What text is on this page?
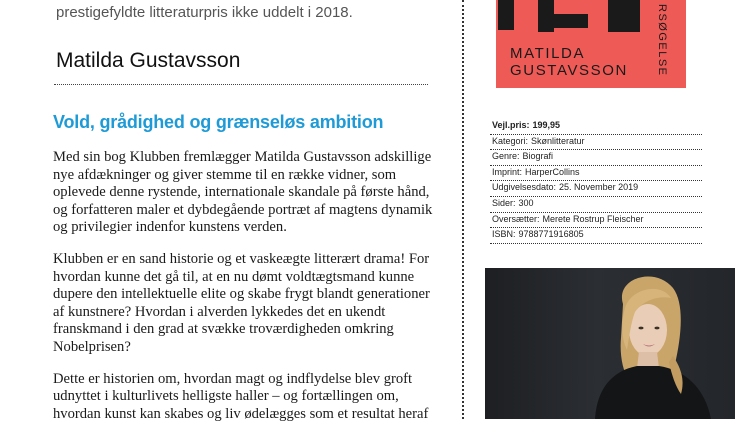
prestigefyldte litteraturpris ikke uddelt i 2018.
Matilda Gustavsson
Vold, grådighed og grænseløs ambition

Med sin bog Klubben fremlægger Matilda Gustavsson adskillige nye afdækninger og giver stemme til en række vidner, som oplevede denne rystende, internationale skandale på første hånd, og forfatteren maler et dybdegående portræt af magtens dynamik og privilegier indenfor kunstens verden.

Klubben er en sand historie og et vaskeægte litterært drama! For hvordan kunne det gå til, at en nu dømt voldtægtsmand kunne dupere den intellektuelle elite og skabe frygt blandt generationer af kunstnere? Hvordan i alverden lykkedes det en ukendt franskmand i den grad at svække troværdigheden omkring Nobelprisen?

Dette er historien om, hvordan magt og indflydelse blev groft udnyttet i kulturlivets helligste haller – og fortællingen om, hvordan kunst kan skabes og liv ødelægges som et resultat heraf

MATILDA
GUSTAVSSON	RSØGELSE
Vejl.pris: 199,95
Kategori: Skønlitteratur
Genre: Biografi
Imprint: HarperCollins
Udgivelsesdato: 25. November 2019
Sider: 300
Oversætter: Merete Rostrup Fleischer
ISBN: 9788771916805
